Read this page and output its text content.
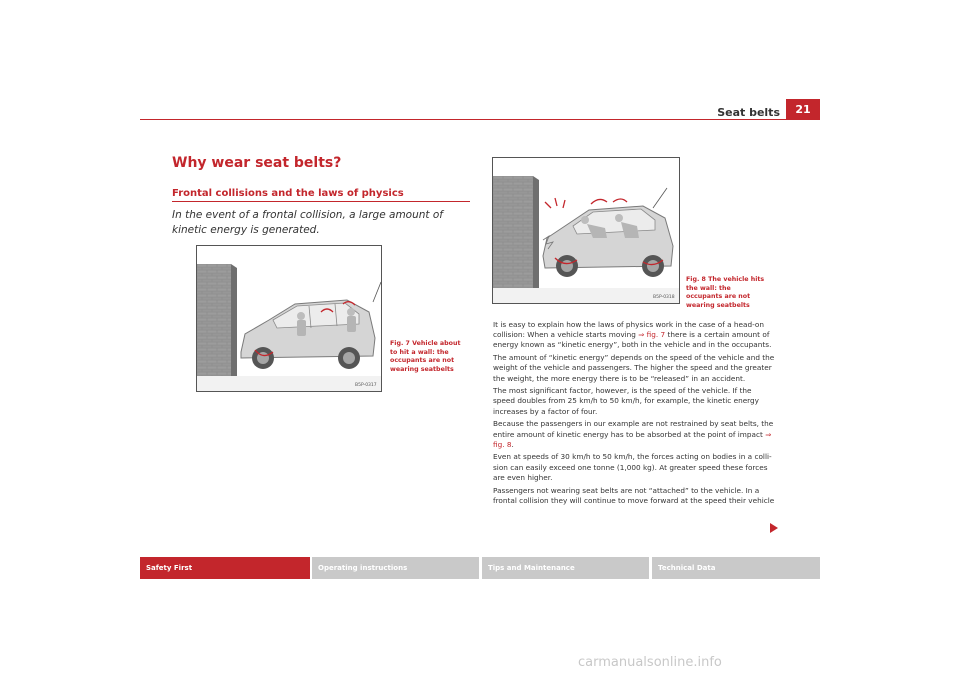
Seat belts	21
Why wear seat belts?
Frontal collisions and the laws of physics
In the event of a frontal collision, a large amount of kinetic energy is generated.
B5P-0317
Fig. 7 Vehicle about to hit a wall: the occupants are not wearing seatbelts
B5P-0318
Fig. 8 The vehicle hits the wall: the occupants are not wearing seatbelts

It is easy to explain how the laws of physics work in the case of a head-on collision: When a vehicle starts moving ⇒ fig. 7 there is a certain amount of energy known as “kinetic energy”, both in the vehicle and in the occupants.

The amount of “kinetic energy” depends on the speed of the vehicle and the weight of the vehicle and passengers. The higher the speed and the greater the weight, the more energy there is to be “released” in an accident.

The most significant factor, however, is the speed of the vehicle. If the speed doubles from 25 km/h to 50 km/h, for example, the kinetic energy increases by a factor of four.

Because the passengers in our example are not restrained by seat belts, the entire amount of kinetic energy has to be absorbed at the point of impact ⇒ fig. 8.

Even at speeds of 30 km/h to 50 km/h, the forces acting on bodies in a colli-sion can easily exceed one tonne (1,000 kg). At greater speed these forces are even higher.

Passengers not wearing seat belts are not “attached” to the vehicle. In a frontal collision they will continue to move forward at the speed their vehicle

Safety First	Operating instructions	Tips and Maintenance	Technical Data
carmanualsonline.info
